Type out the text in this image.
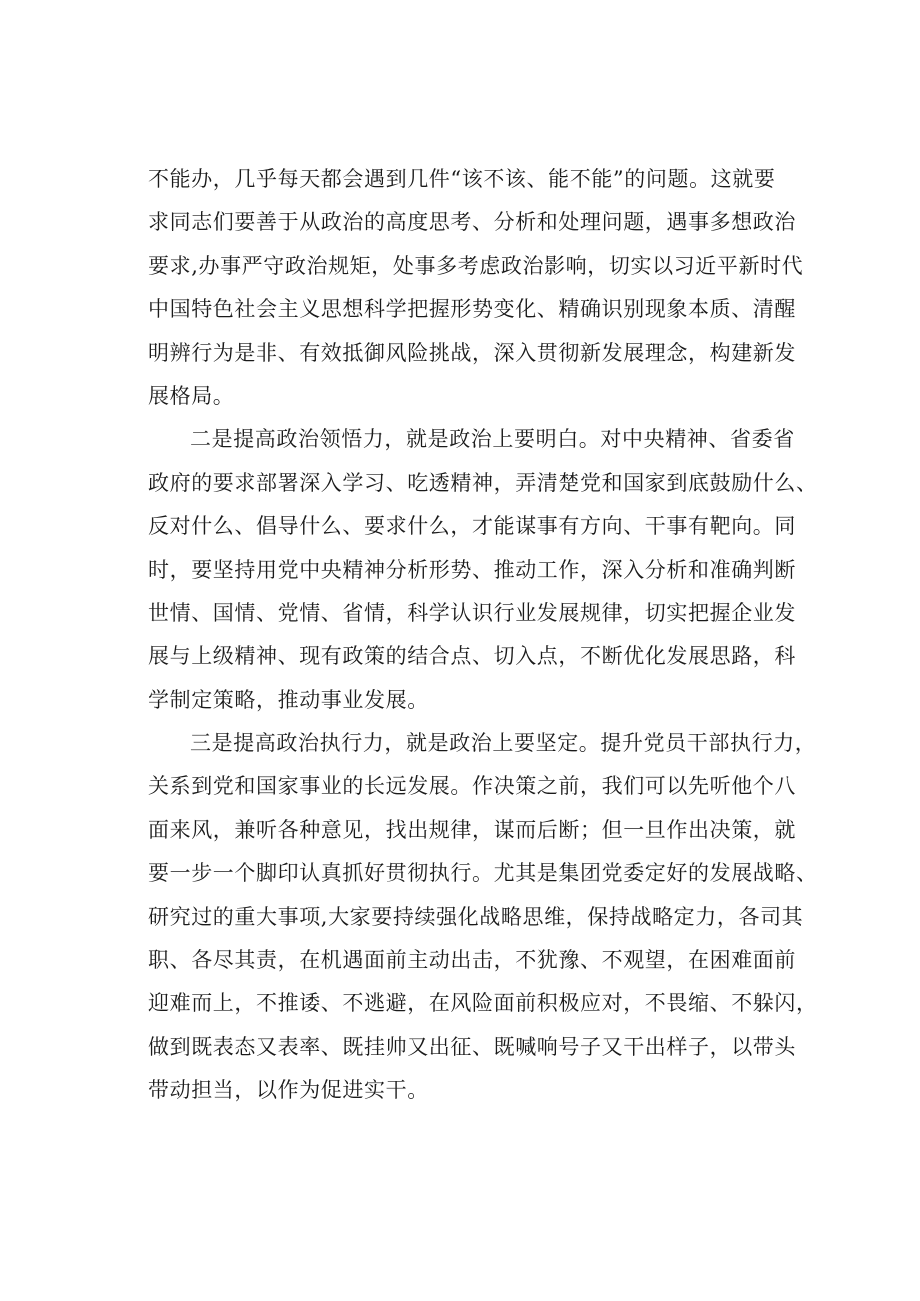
不能办，几乎每天都会遇到几件“该不该、能不能”的问题。这就要
求同志们要善于从政治的高度思考、分析和处理问题，遇事多想政治
要求,办事严守政治规矩，处事多考虑政治影响，切实以习近平新时代
中国特色社会主义思想科学把握形势变化、精确识别现象本质、清醒
明辨行为是非、有效抵御风险挑战，深入贯彻新发展理念，构建新发
展格局。
二是提高政治领悟力，就是政治上要明白。对中央精神、省委省
政府的要求部署深入学习、吃透精神，弄清楚党和国家到底鼓励什么、
反对什么、倡导什么、要求什么，才能谋事有方向、干事有靶向。同
时，要坚持用党中央精神分析形势、推动工作，深入分析和准确判断
世情、国情、党情、省情，科学认识行业发展规律，切实把握企业发
展与上级精神、现有政策的结合点、切入点，不断优化发展思路，科
学制定策略，推动事业发展。
三是提高政治执行力，就是政治上要坚定。提升党员干部执行力，
关系到党和国家事业的长远发展。作决策之前，我们可以先听他个八
面来风，兼听各种意见，找出规律，谋而后断；但一旦作出决策，就
要一步一个脚印认真抓好贯彻执行。尤其是集团党委定好的发展战略、
研究过的重大事项,大家要持续强化战略思维，保持战略定力，各司其
职、各尽其责，在机遇面前主动出击，不犹豫、不观望，在困难面前
迎难而上，不推诿、不逃避，在风险面前积极应对，不畏缩、不躲闪，
做到既表态又表率、既挂帅又出征、既喊响号子又干出样子，以带头
带动担当，以作为促进实干。
